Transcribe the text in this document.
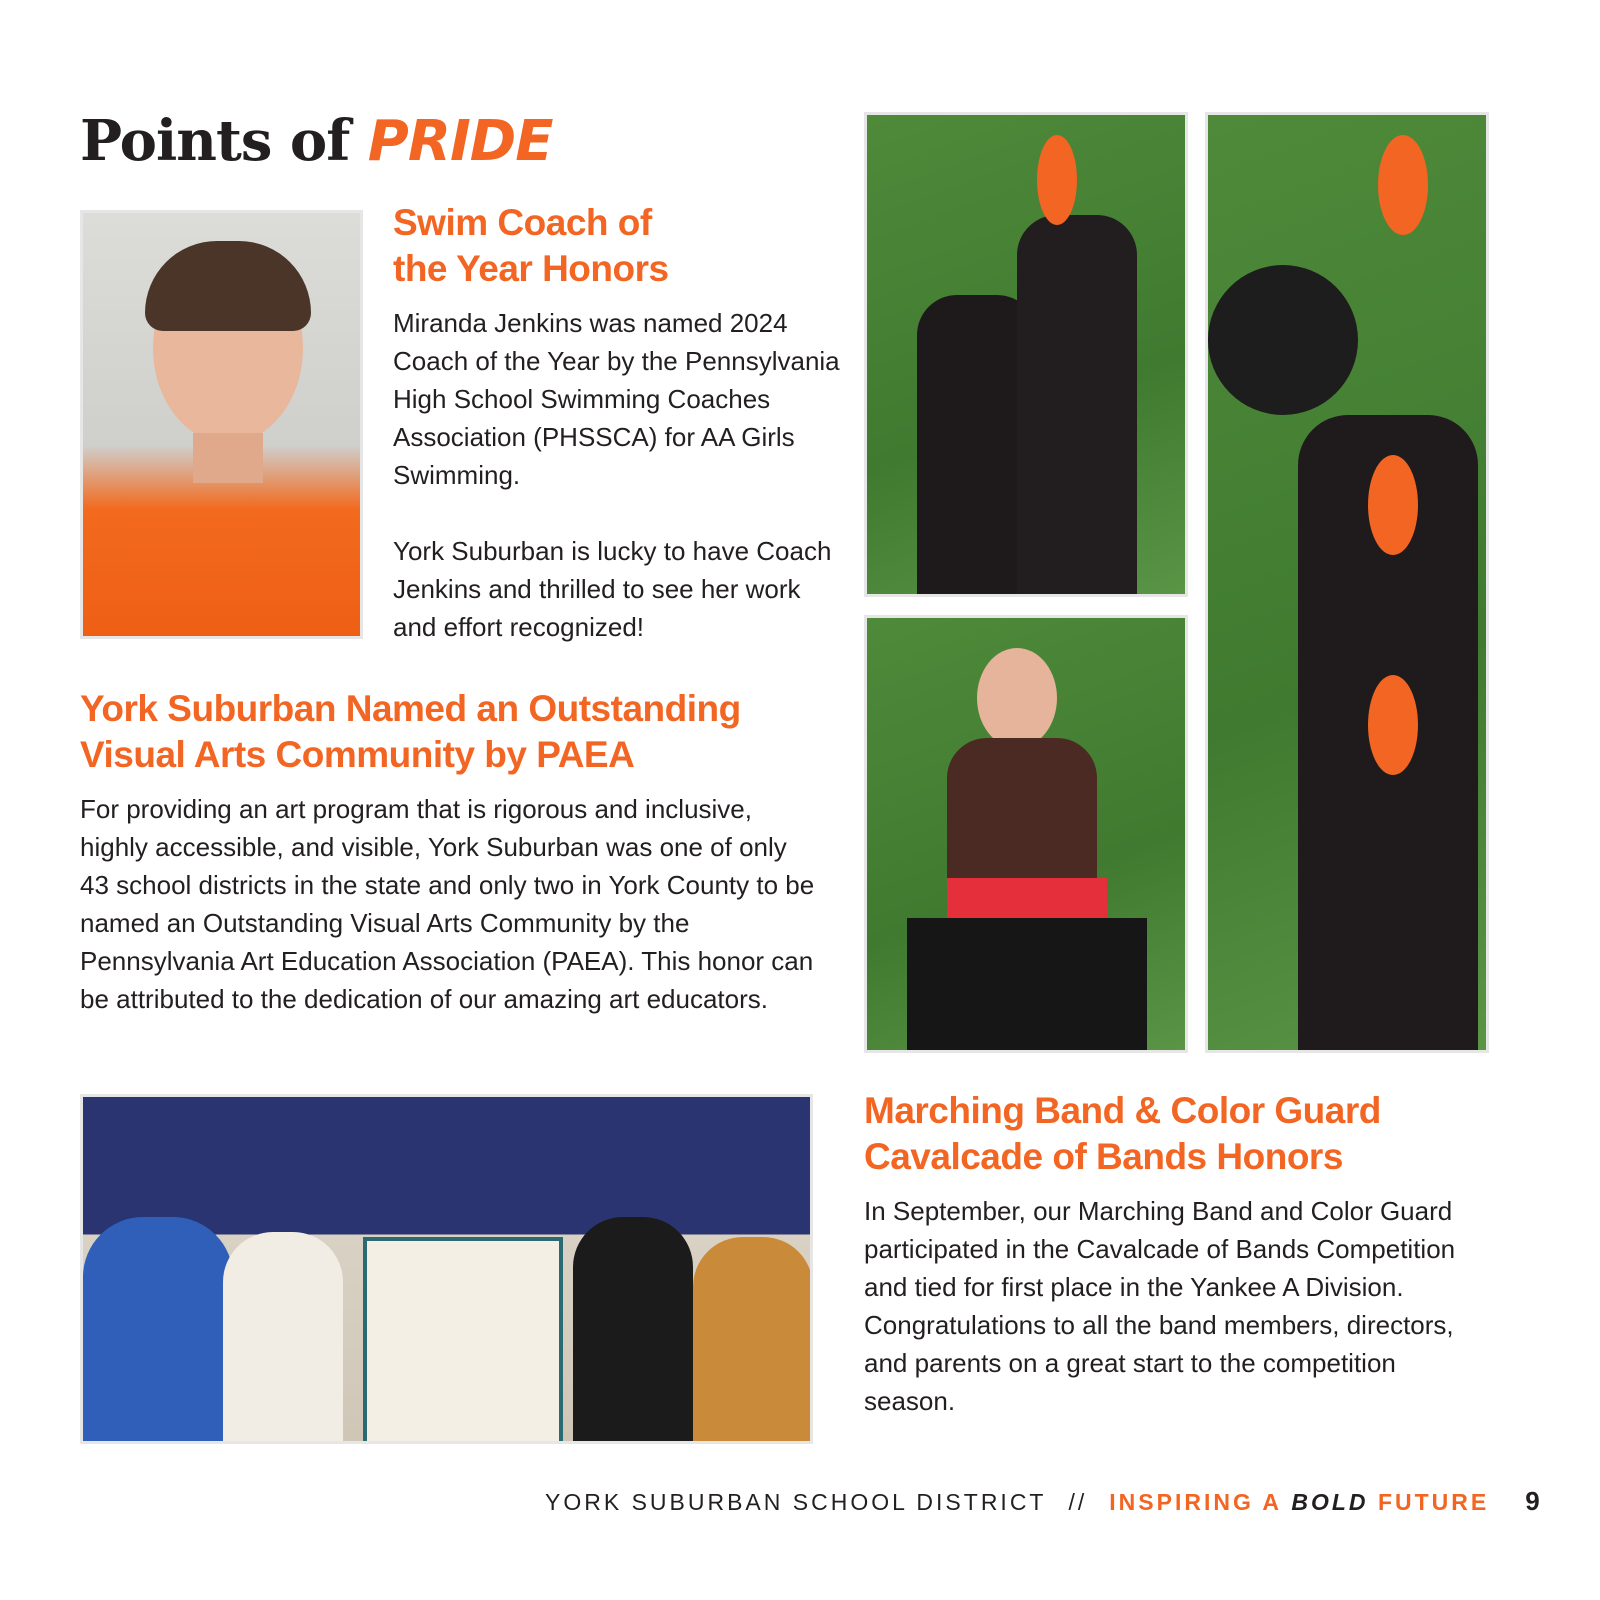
Points of PRIDE
Swim Coach of
the Year Honors

Miranda Jenkins was named 2024 Coach of the Year by the Pennsylvania High School Swimming Coaches Association (PHSSCA) for AA Girls Swimming.

York Suburban is lucky to have Coach Jenkins and thrilled to see her work and effort recognized!

York Suburban Named an Outstanding
Visual Arts Community by PAEA

For providing an art program that is rigorous and inclusive, highly accessible, and visible, York Suburban was one of only 43 school districts in the state and only two in York County to be named an Outstanding Visual Arts Community by the Pennsylvania Art Education Association (PAEA). This honor can be attributed to the dedication of our amazing art educators.

Marching Band & Color Guard
Cavalcade of Bands Honors

In September, our Marching Band and Color Guard participated in the Cavalcade of Bands Competition and tied for first place in the Yankee A Division. Congratulations to all the band members, directors, and parents on a great start to the competition season.

YORK SUBURBAN SCHOOL DISTRICT // INSPIRING A BOLD FUTURE 9
